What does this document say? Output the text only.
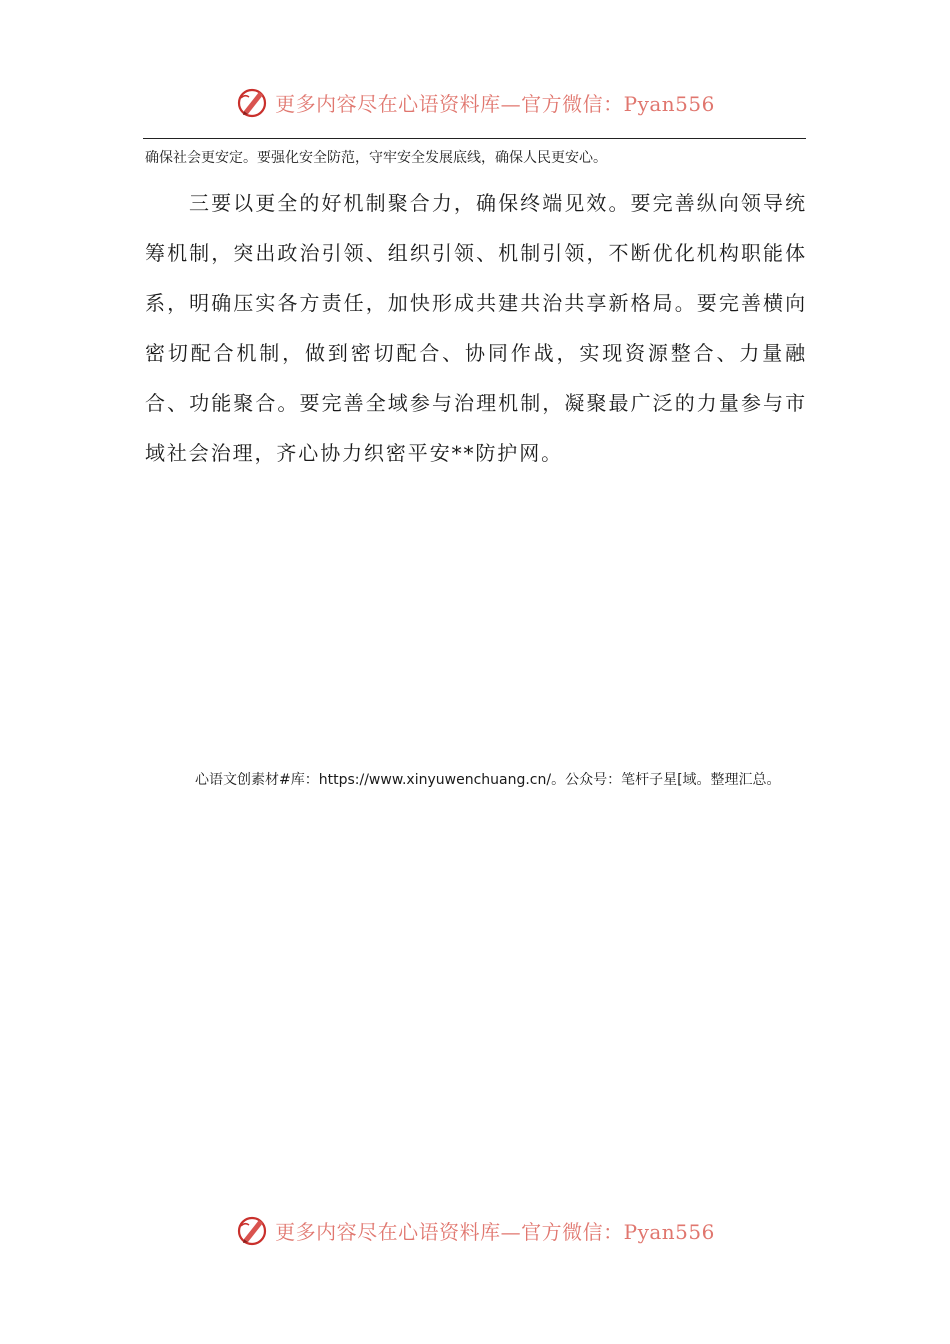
更多内容尽在心语资料库—官方微信：Pyan556
确保社会更安定。要强化安全防范，守牢安全发展底线，确保人民更安心。
三要以更全的好机制聚合力，确保终端见效。要完善纵向领导统筹机制，突出政治引领、组织引领、机制引领，不断优化机构职能体系，明确压实各方责任，加快形成共建共治共享新格局。要完善横向密切配合机制，做到密切配合、协同作战，实现资源整合、力量融合、功能聚合。要完善全域参与治理机制，凝聚最广泛的力量参与市域社会治理，齐心协力织密平安**防护网。
心语文创素材#库：https://www.xinyuwenchuang.cn/。公众号：笔杆子星[域。整理汇总。
更多内容尽在心语资料库—官方微信：Pyan556
